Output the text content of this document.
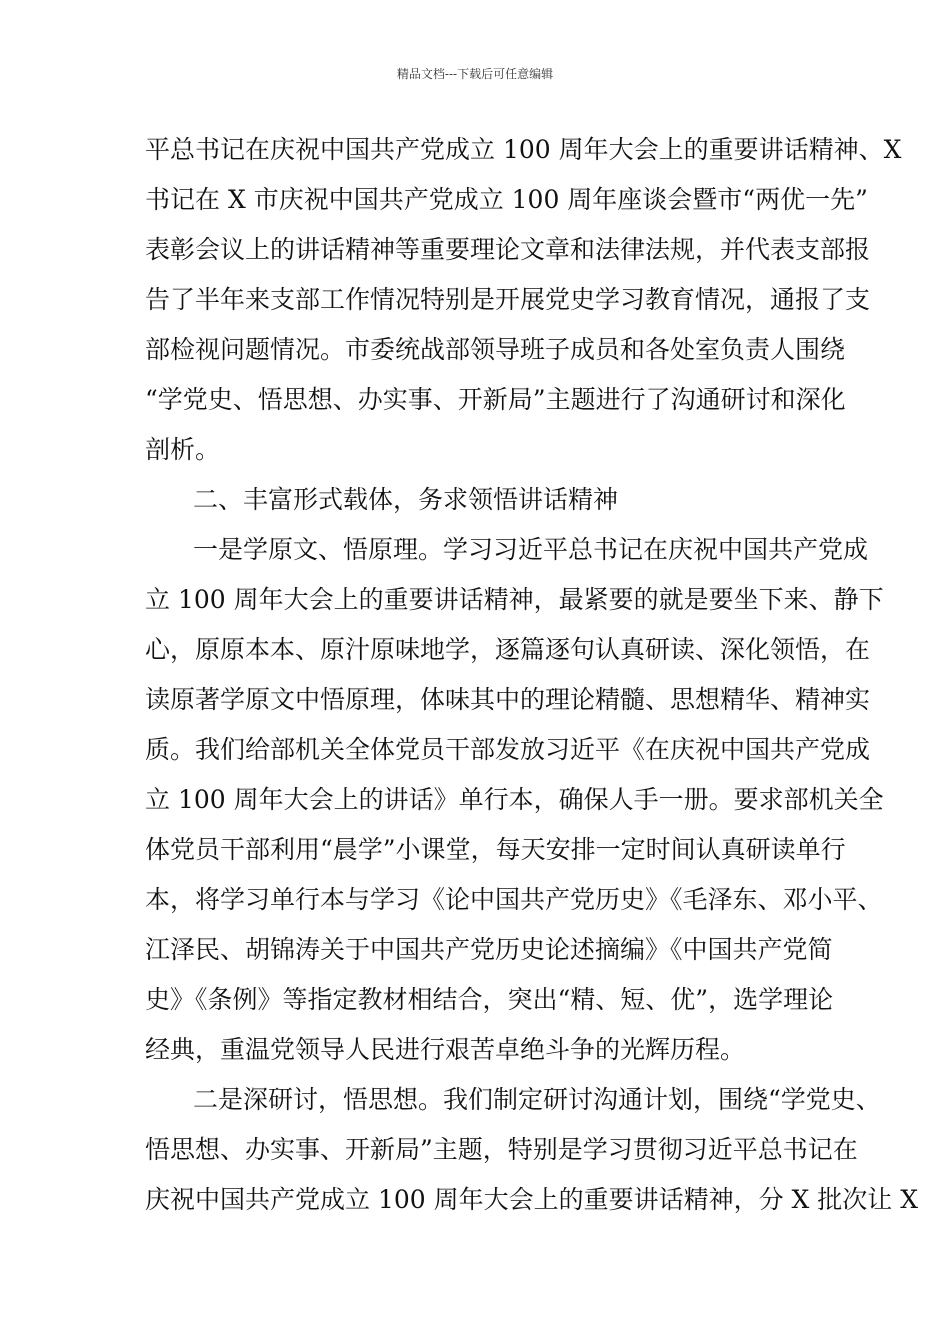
精品文档---下载后可任意编辑
平总书记在庆祝中国共产党成立 100 周年大会上的重要讲话精神、X
书记在 X 市庆祝中国共产党成立 100 周年座谈会暨市“两优一先”
表彰会议上的讲话精神等重要理论文章和法律法规，并代表支部报
告了半年来支部工作情况特别是开展党史学习教育情况，通报了支
部检视问题情况。市委统战部领导班子成员和各处室负责人围绕
“学党史、悟思想、办实事、开新局”主题进行了沟通研讨和深化
剖析。
二、丰富形式载体，务求领悟讲话精神
一是学原文、悟原理。学习习近平总书记在庆祝中国共产党成
立 100 周年大会上的重要讲话精神，最紧要的就是要坐下来、静下
心，原原本本、原汁原味地学，逐篇逐句认真研读、深化领悟，在
读原著学原文中悟原理，体味其中的理论精髓、思想精华、精神实
质。我们给部机关全体党员干部发放习近平《在庆祝中国共产党成
立 100 周年大会上的讲话》单行本，确保人手一册。要求部机关全
体党员干部利用“晨学”小课堂，每天安排一定时间认真研读单行
本，将学习单行本与学习《论中国共产党历史》《毛泽东、邓小平、
江泽民、胡锦涛关于中国共产党历史论述摘编》《中国共产党简
史》《条例》等指定教材相结合，突出“精、短、优”，选学理论
经典，重温党领导人民进行艰苦卓绝斗争的光辉历程。
二是深研讨，悟思想。我们制定研讨沟通计划，围绕“学党史、
悟思想、办实事、开新局”主题，特别是学习贯彻习近平总书记在
庆祝中国共产党成立 100 周年大会上的重要讲话精神，分 X 批次让 X
